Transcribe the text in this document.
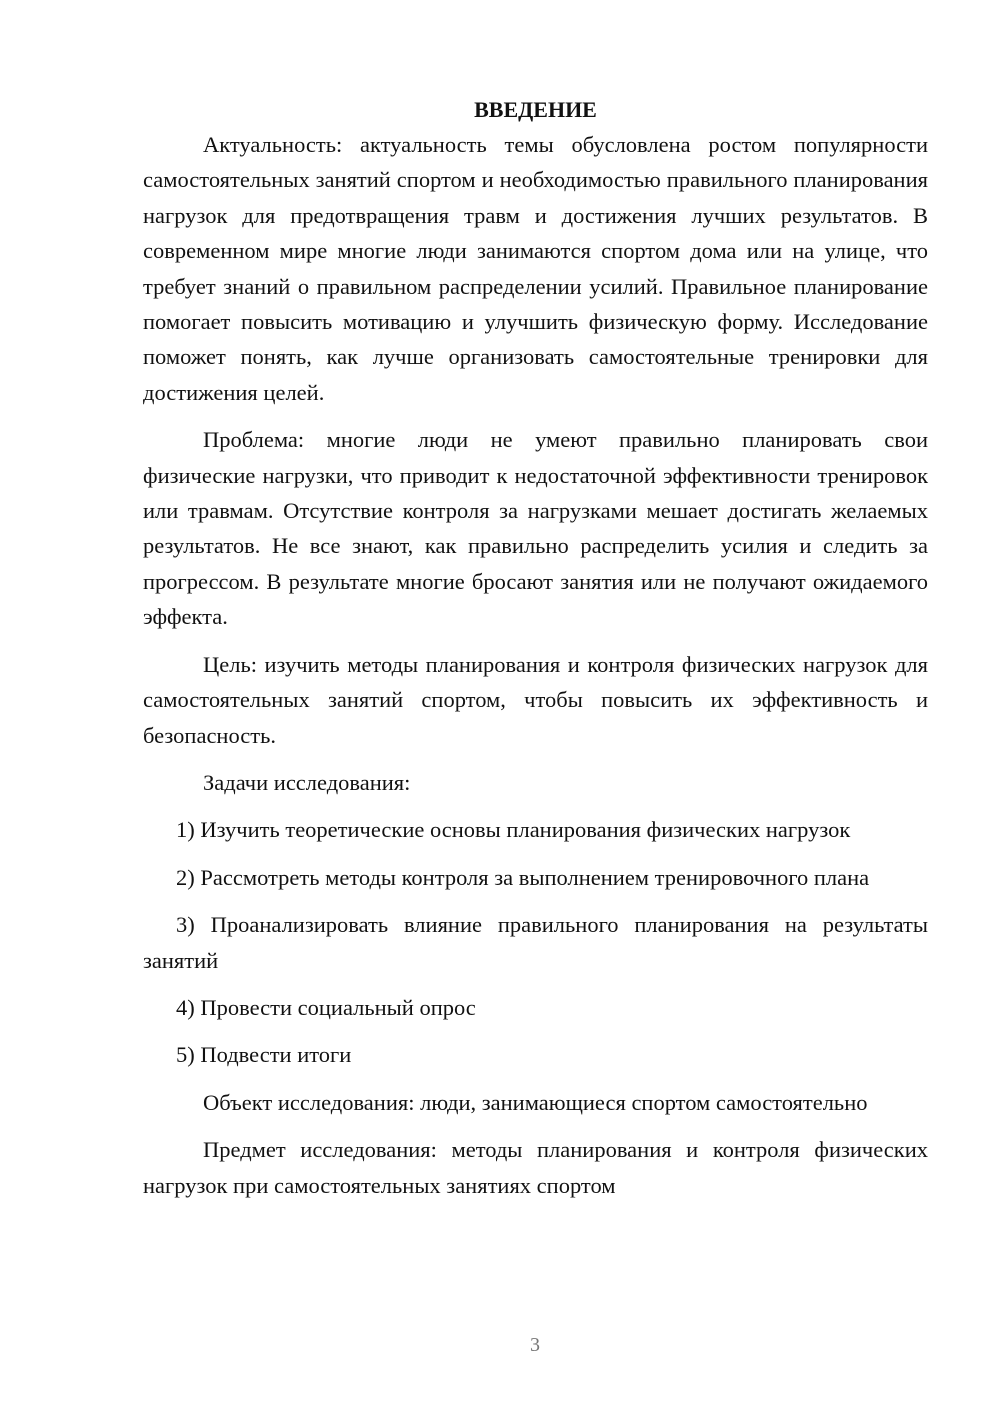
ВВЕДЕНИЕ

Актуальность: актуальность темы обусловлена ростом популярности самостоятельных занятий спортом и необходимостью правильного планирования нагрузок для предотвращения травм и достижения лучших результатов. В современном мире многие люди занимаются спортом дома или на улице, что требует знаний о правильном распределении усилий. Правильное планирование помогает повысить мотивацию и улучшить физическую форму. Исследование поможет понять, как лучше организовать самостоятельные тренировки для достижения целей.

Проблема: многие люди не умеют правильно планировать свои физические нагрузки, что приводит к недостаточной эффективности тренировок или травмам. Отсутствие контроля за нагрузками мешает достигать желаемых результатов. Не все знают, как правильно распределить усилия и следить за прогрессом. В результате многие бросают занятия или не получают ожидаемого эффекта.

Цель: изучить методы планирования и контроля физических нагрузок для самостоятельных занятий спортом, чтобы повысить их эффективность и безопасность.

Задачи исследования:

1) Изучить теоретические основы планирования физических нагрузок

2) Рассмотреть методы контроля за выполнением тренировочного плана

3) Проанализировать влияние правильного планирования на результаты занятий

4) Провести социальный опрос

5) Подвести итоги

Объект исследования: люди, занимающиеся спортом самостоятельно

Предмет исследования: методы планирования и контроля физических нагрузок при самостоятельных занятиях спортом

3
